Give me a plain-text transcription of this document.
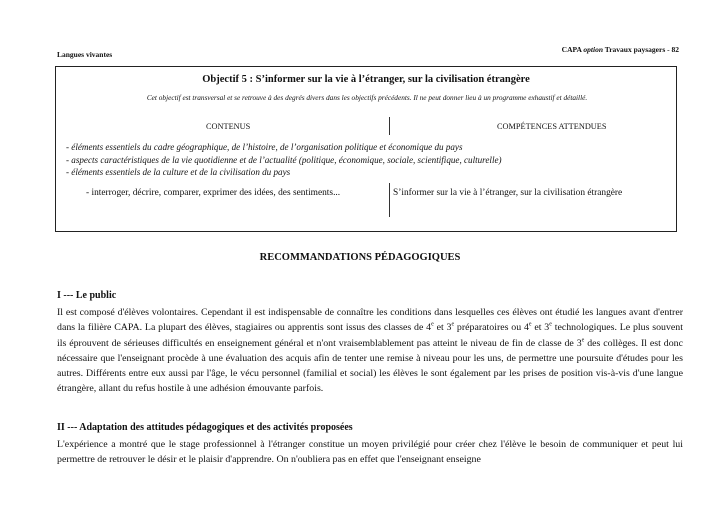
Langues vivantes
CAPA option Travaux paysagers - 82
Objectif 5 : S’informer sur la vie à l’étranger, sur la civilisation étrangère
Cet objectif est transversal et se retrouve à des degrés divers dans les objectifs précédents. Il ne peut donner lieu à un programme exhaustif et détaillé.
CONTENUS	COMPÉTENCES ATTENDUES
- éléments essentiels du cadre géographique, de l’histoire, de l’organisation politique et économique du pays
- aspects caractéristiques de la vie quotidienne et de l’actualité (politique, économique, sociale, scientifique, culturelle)
- éléments essentiels de la culture et de la civilisation du pays
- interroger, décrire, comparer, exprimer des idées, des sentiments...	S’informer sur la vie à l’étranger, sur la civilisation étrangère
RECOMMANDATIONS PÉDAGOGIQUES
I --- Le public
Il est composé d'élèves volontaires. Cependant il est indispensable de connaître les conditions dans lesquelles ces élèves ont étudié les langues avant d'entrer dans la filière CAPA. La plupart des élèves, stagiaires ou apprentis sont issus des classes de 4e et 3e préparatoires ou 4e et 3e technologiques. Le plus souvent ils éprouvent de sérieuses difficultés en enseignement général et n'ont vraisemblablement pas atteint le niveau de fin de classe de 3e des collèges. Il est donc nécessaire que l'enseignant procède à une évaluation des acquis afin de tenter une remise à niveau pour les uns, de permettre une poursuite d'études pour les autres. Différents entre eux aussi par l'âge, le vécu personnel (familial et social) les élèves le sont également par les prises de position vis-à-vis d'une langue étrangère, allant du refus hostile à une adhésion émouvante parfois.
II --- Adaptation des attitudes pédagogiques et des activités proposées
L'expérience a montré que le stage professionnel à l'étranger constitue un moyen privilégié pour créer chez l'élève le besoin de communiquer et peut lui permettre de retrouver le désir et le plaisir d'apprendre. On n'oubliera pas en effet que l'enseignant enseigne
